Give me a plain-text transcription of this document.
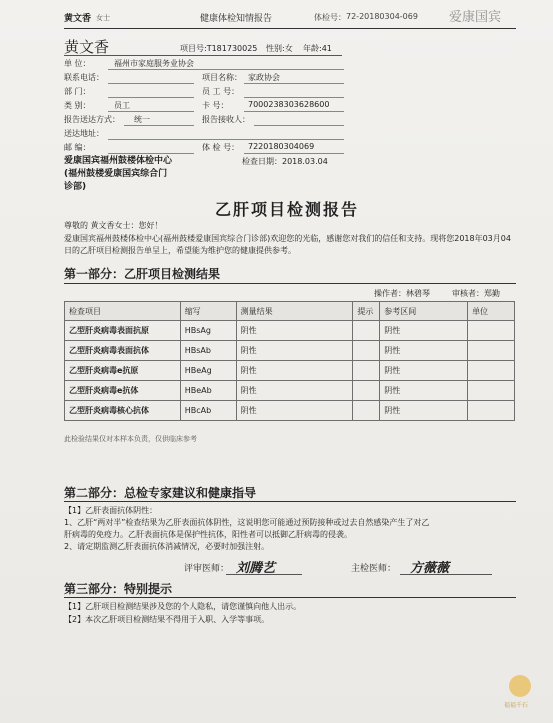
黄文香 女士	健康体检知情报告	体检号： 72-20180304-069 爱康国宾
黄文香	项目号:T181730025 性别:女 年龄:41
单 位：	福州市家庭服务业协会
联系电话：	项目名称： 家政协会
部 门：	员 工 号：
类 别：	员工	卡 号： 7000238303628600
报告送达方式： 统一	报告接收人：
送达地址：
邮 编：	体 检 号： 7220180304069
爱康国宾福州鼓楼体检中心
(福州鼓楼爱康国宾综合门
诊部)
检查日期：2018.03.04
乙肝项目检测报告
尊敬的 黄文香女士：您好！
爱康国宾福州鼓楼体检中心(福州鼓楼爱康国宾综合门诊部)欢迎您的光临，感谢您对我们的信任和支持。现将您2018年03月04日的乙肝项目检测报告单呈上，希望能为维护您的健康提供参考。
第一部分：乙肝项目检测结果
操作者：林碧琴	审核者：郑勤
检查项目	缩写	测量结果	提示	参考区间	单位
乙型肝炎病毒表面抗原	HBsAg	阴性		阴性	
乙型肝炎病毒表面抗体	HBsAb	阴性		阴性	
乙型肝炎病毒e抗原	HBeAg	阴性		阴性	
乙型肝炎病毒e抗体	HBeAb	阴性		阴性	
乙型肝炎病毒核心抗体	HBcAb	阴性		阴性	
此检验结果仅对本样本负责，仅供临床参考
第二部分：总检专家建议和健康指导
【1】乙肝表面抗体阴性：
1、乙肝“两对半”检查结果为乙肝表面抗体阴性，这说明您可能通过预防接种或过去自然感染产生了对乙
肝病毒的免疫力。乙肝表面抗体是保护性抗体，阳性者可以抵御乙肝病毒的侵袭。
2、请定期监测乙肝表面抗体消减情况，必要时加强注射。
评审医师： 刘腾艺	主检医师： 方薇薇
第三部分：特别提示
【1】乙肝项目检测结果涉及您的个人隐私，请您谨慎向他人出示。
【2】本次乙肝项目检测结果不得用于入职、入学等事项。
福福千石
